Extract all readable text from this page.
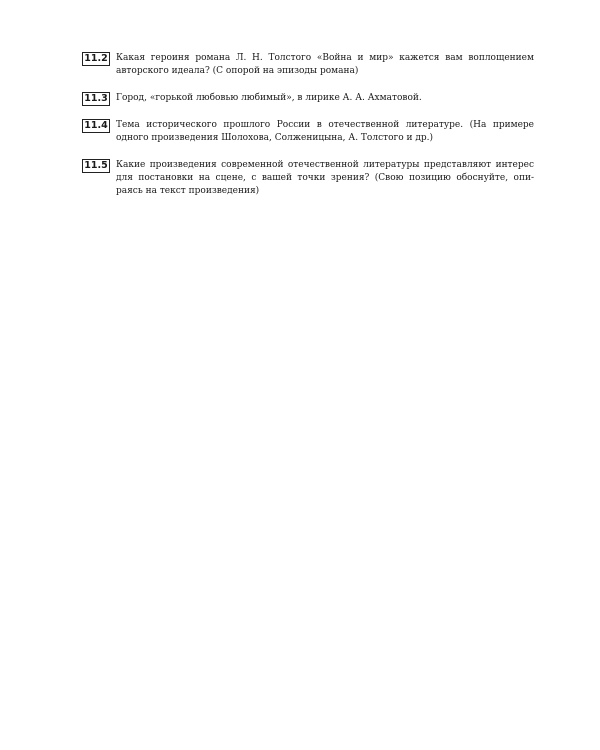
11.2 Какая героиня романа Л. Н. Толстого «Война и мир» кажется вам воплощением
авторского идеала? (С опорой на эпизоды романа)
11.3 Город, «горькой любовью любимый», в лирике А. А. Ахматовой.
11.4 Тема исторического прошлого России в отечественной литературе. (На примере
одного произведения Шолохова, Солженицына, А. Толстого и др.)
11.5 Какие произведения современной отечественной литературы представляют интерес
для постановки на сцене, с вашей точки зрения? (Свою позицию обоснуйте, опи-
раясь на текст произведения)
